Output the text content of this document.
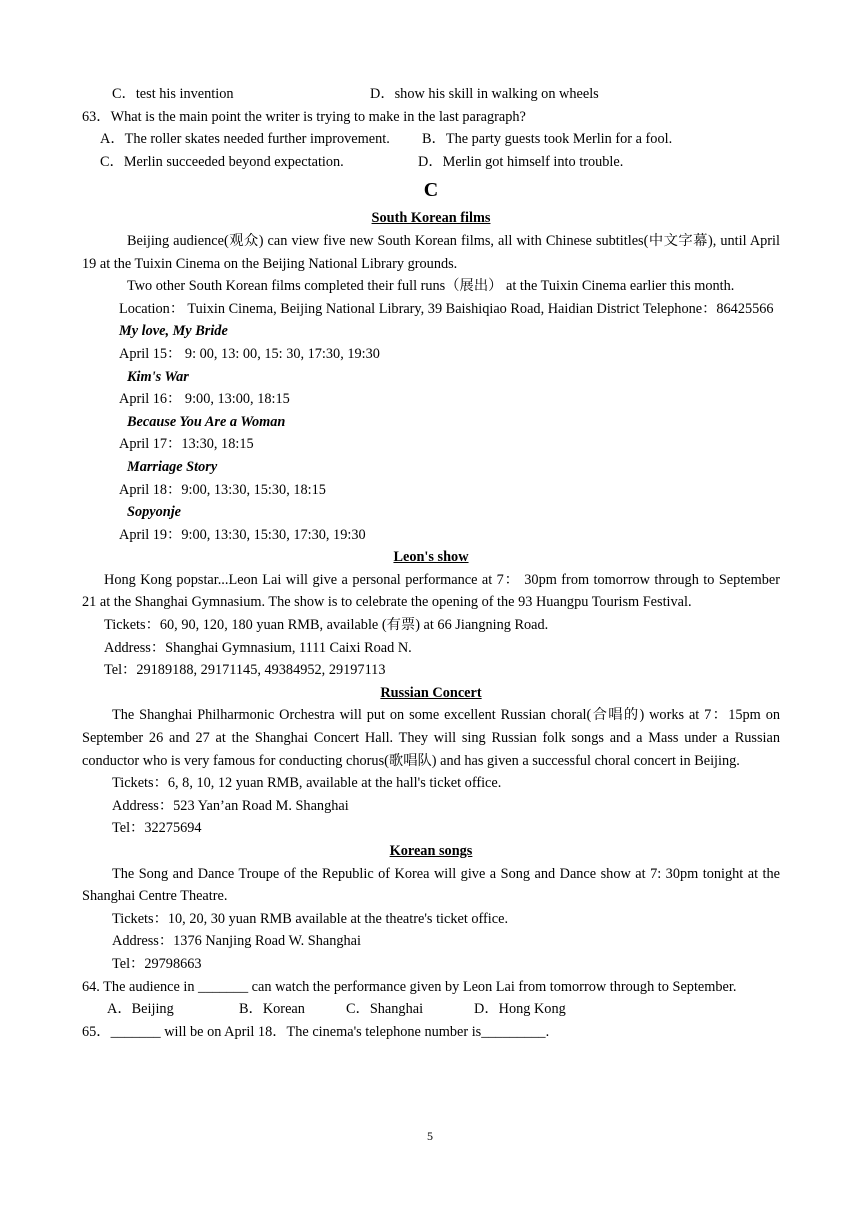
C．test his invention	D．show his skill in walking on wheels
63．What is the main point the writer is trying to make in the last paragraph?
A．The roller skates needed further improvement.	B．The party guests took Merlin for a fool.
C．Merlin succeeded beyond expectation.	D．Merlin got himself into trouble.
C
South Korean films
Beijing audience(观众) can view five new South Korean films, all with Chinese subtitles(中文字幕), until April 19 at the Tuixin Cinema on the Beijing National Library grounds.
Two other South Korean films completed their full runs（展出） at the Tuixin Cinema earlier this month.
Location： Tuixin Cinema, Beijing National Library, 39 Baishiqiao Road, Haidian District Telephone：86425566
My love, My Bride
April 15： 9: 00, 13: 00, 15: 30, 17:30, 19:30
Kim's War
April 16： 9:00, 13:00, 18:15
Because You Are a Woman
April 17：13:30, 18:15
Marriage Story
April 18：9:00, 13:30, 15:30, 18:15
Sopyonje
April 19：9:00, 13:30, 15:30, 17:30, 19:30
Leon's show
Hong Kong popstar...Leon Lai will give a personal performance at 7： 30pm from tomorrow through to September 21 at the Shanghai Gymnasium. The show is to celebrate the opening of the 93 Huangpu Tourism Festival.
Tickets：60, 90, 120, 180 yuan RMB, available (有票) at 66 Jiangning Road.
Address：Shanghai Gymnasium, 1111 Caixi Road N.
Tel：29189188, 29171145, 49384952, 29197113
Russian Concert
The Shanghai Philharmonic Orchestra will put on some excellent Russian choral(合唱的) works at 7：15pm on September 26 and 27 at the Shanghai Concert Hall. They will sing Russian folk songs and a Mass under a Russian conductor who is very famous for conducting chorus(歌唱队) and has given a successful choral concert in Beijing.
Tickets：6, 8, 10, 12 yuan RMB, available at the hall's ticket office.
Address：523 Yan’an Road M. Shanghai
Tel：32275694
Korean songs
The Song and Dance Troupe of the Republic of Korea will give a Song and Dance show at 7: 30pm tonight at the Shanghai Centre Theatre.
Tickets：10, 20, 30 yuan RMB available at the theatre's ticket office.
Address：1376 Nanjing Road W. Shanghai
Tel：29798663
64. The audience in _______ can watch the performance given by Leon Lai from tomorrow through to September.
A．Beijing	B．Korean	C．Shanghai	D．Hong Kong
65．_______ will be on April 18．The cinema's telephone number is_________.
5
